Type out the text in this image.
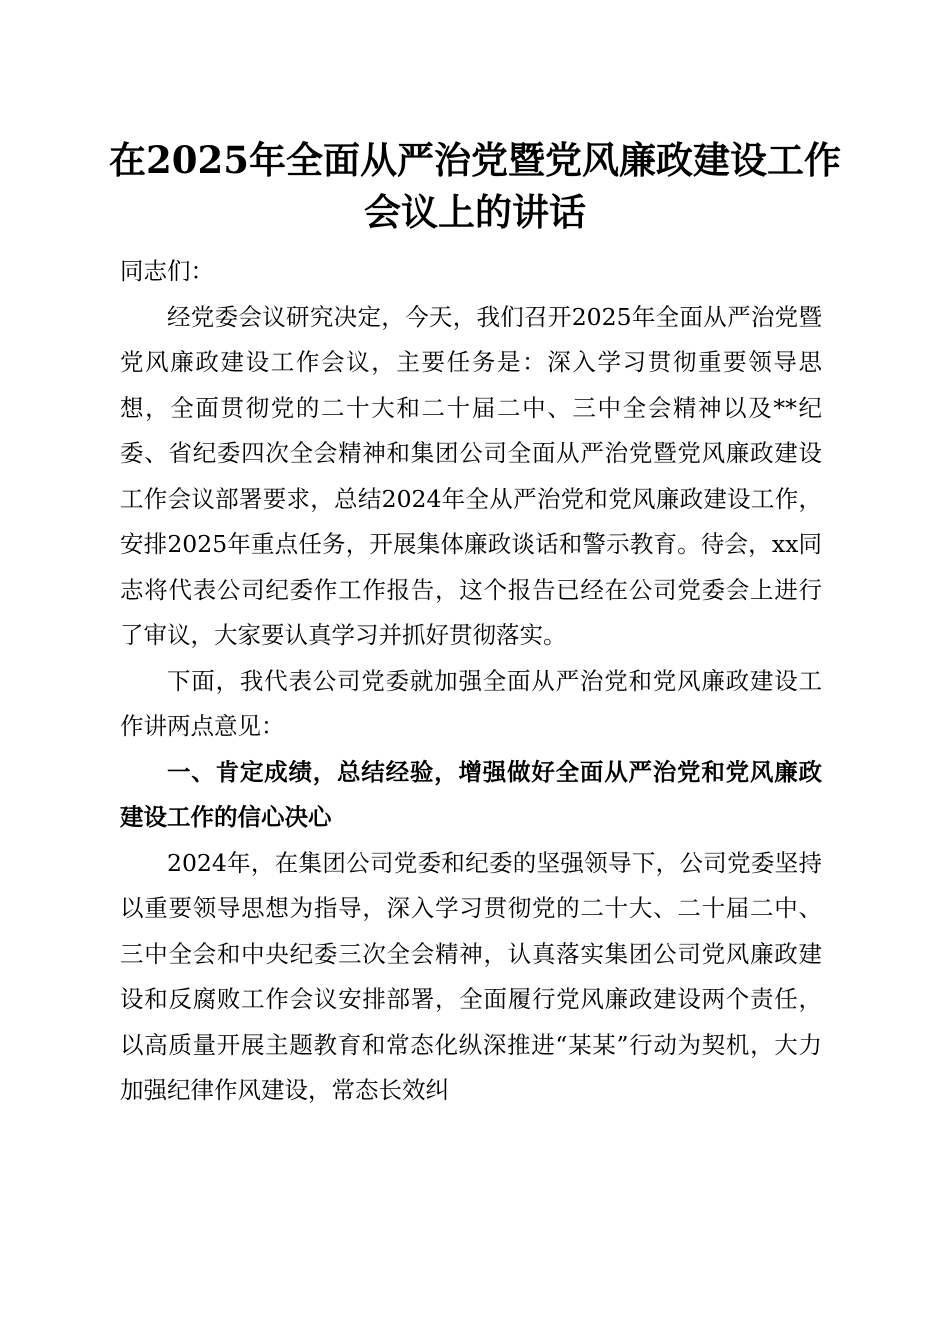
在2025年全面从严治党暨党风廉政建设工作
会议上的讲话

同志们：

经党委会议研究决定，今天，我们召开2025年全面从严治党暨党风廉政建设工作会议，主要任务是：深入学习贯彻重要领导思想，全面贯彻党的二十大和二十届二中、三中全会精神以及**纪委、省纪委四次全会精神和集团公司全面从严治党暨党风廉政建设工作会议部署要求，总结2024年全从严治党和党风廉政建设工作，安排2025年重点任务，开展集体廉政谈话和警示教育。待会，xx同志将代表公司纪委作工作报告，这个报告已经在公司党委会上进行了审议，大家要认真学习并抓好贯彻落实。

下面，我代表公司党委就加强全面从严治党和党风廉政建设工作讲两点意见：

一、肯定成绩，总结经验，增强做好全面从严治党和党风廉政建设工作的信心决心

2024年，在集团公司党委和纪委的坚强领导下，公司党委坚持以重要领导思想为指导，深入学习贯彻党的二十大、二十届二中、三中全会和中央纪委三次全会精神，认真落实集团公司党风廉政建设和反腐败工作会议安排部署，全面履行党风廉政建设两个责任，以高质量开展主题教育和常态化纵深推进“某某”行动为契机，大力加强纪律作风建设，常态长效纠
